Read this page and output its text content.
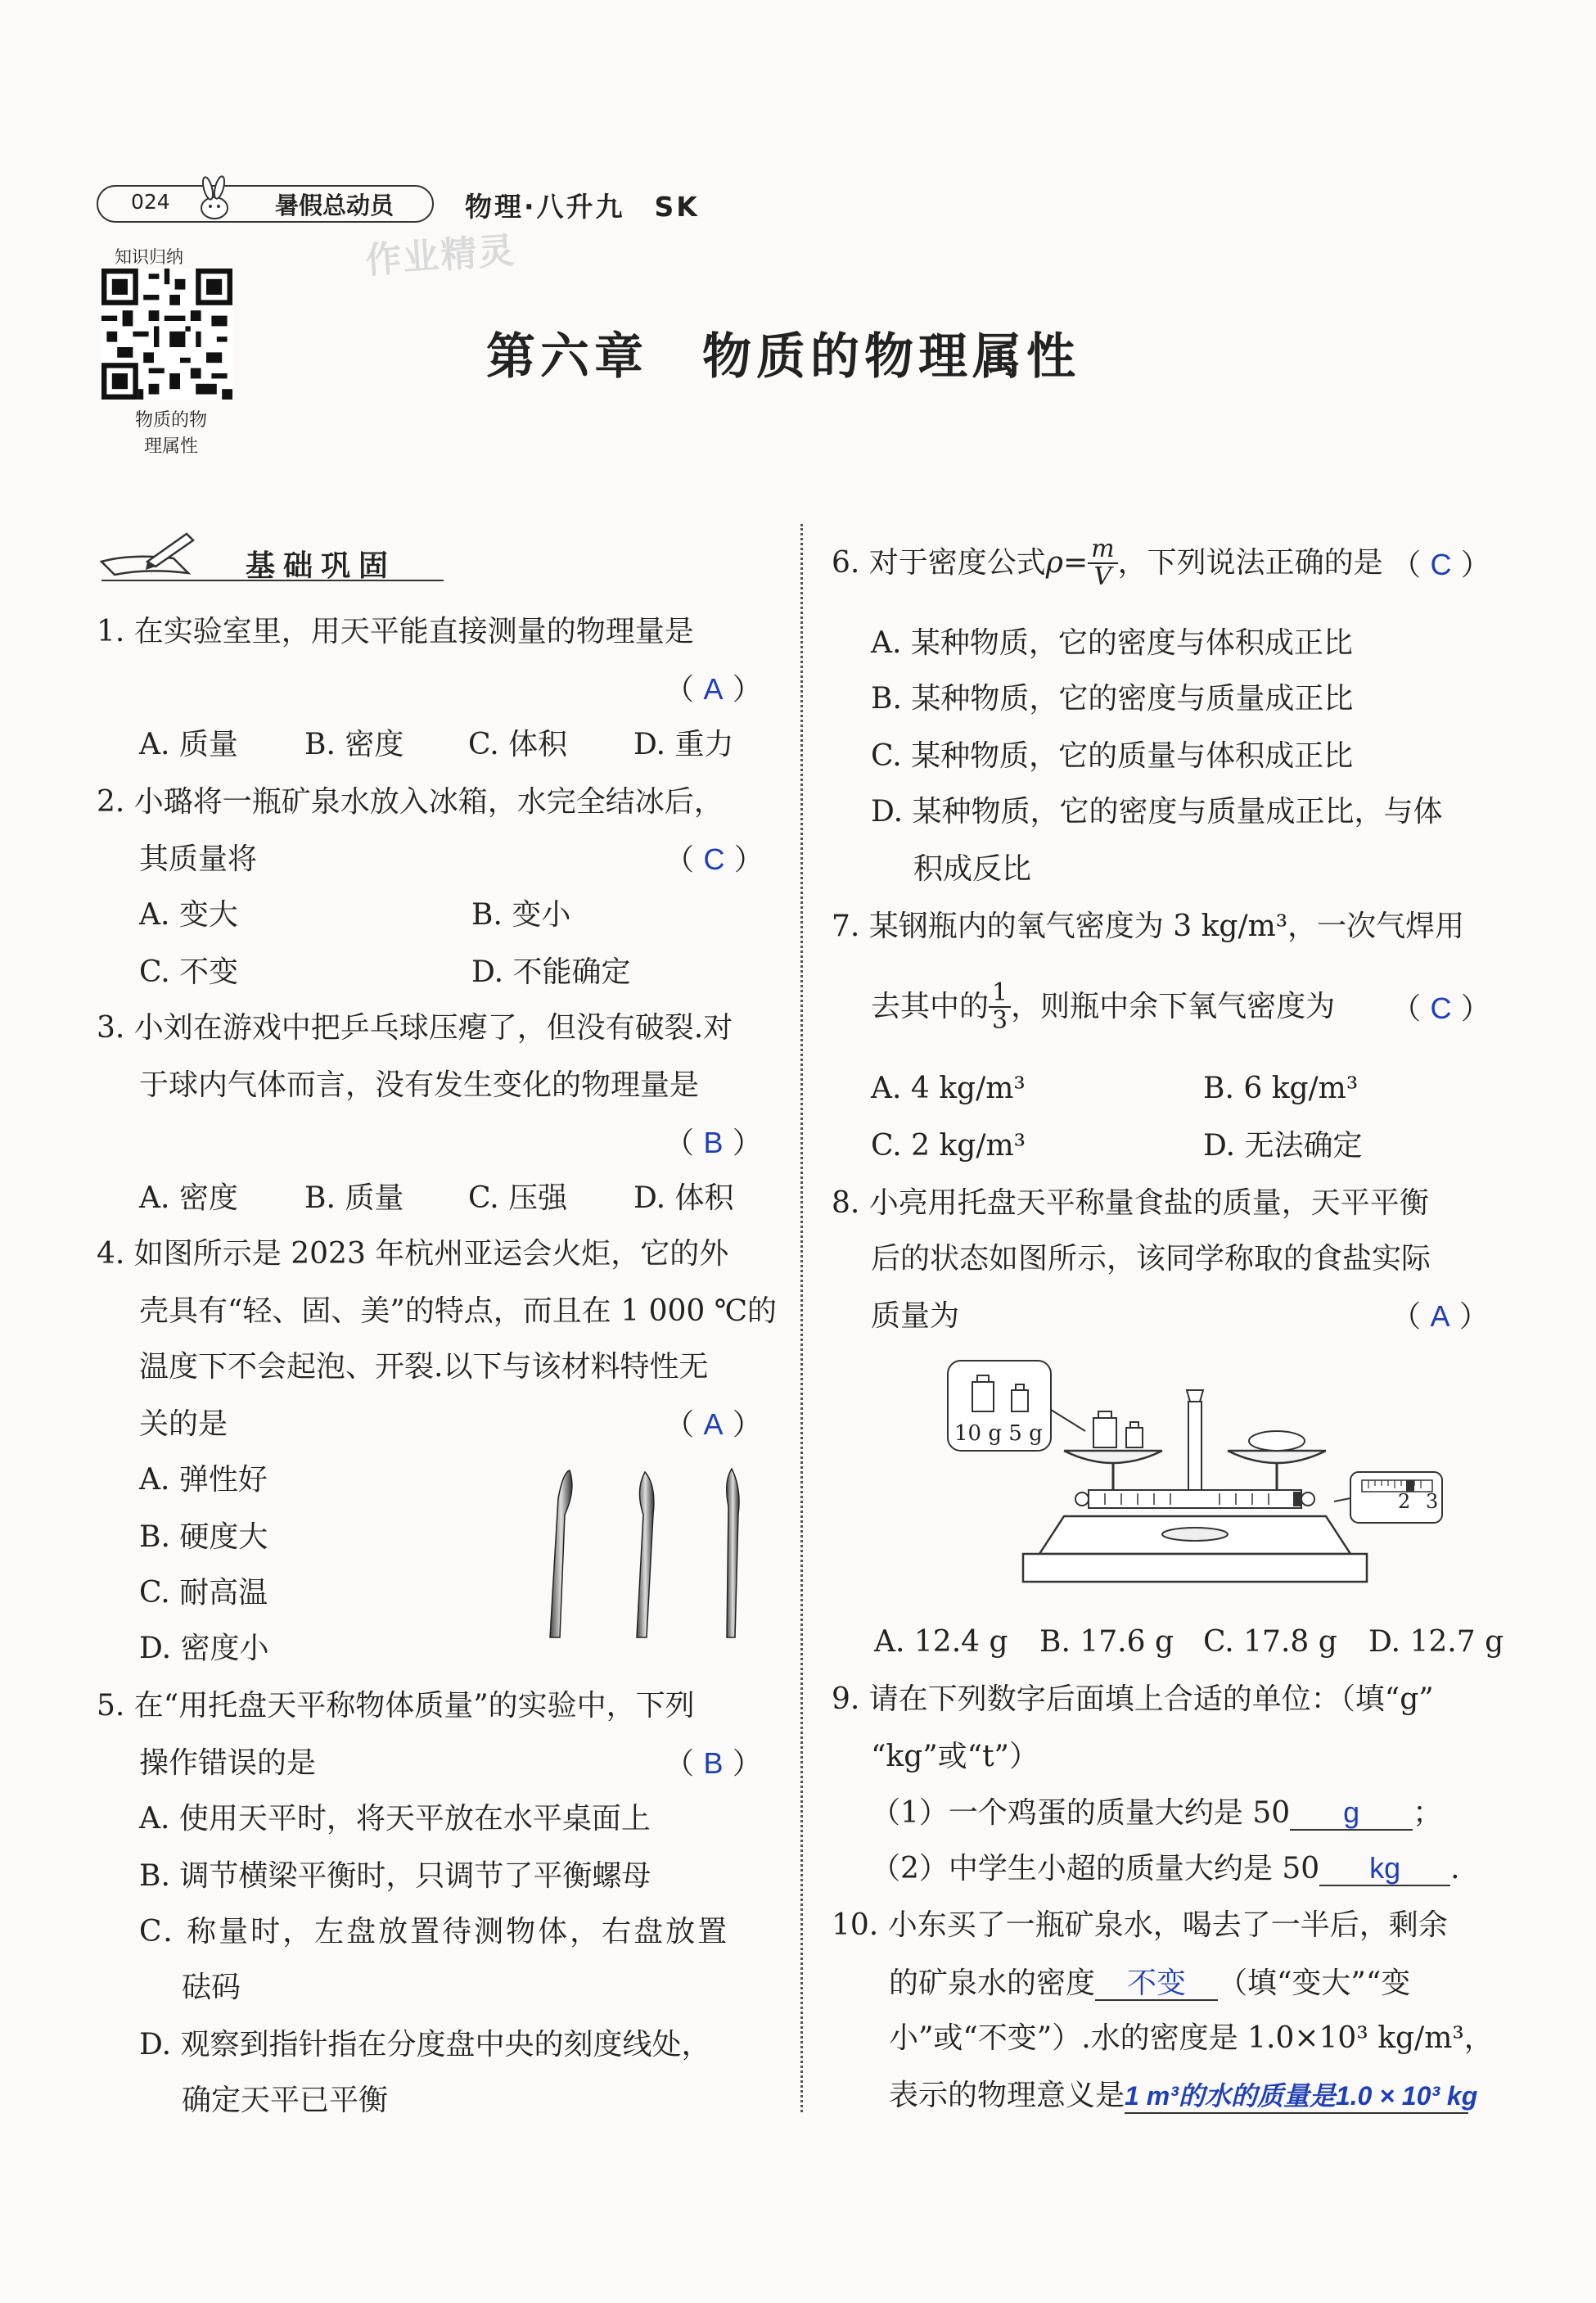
024	暑假总动员	物理·八升九　SK
作业精灵
知识归纳
物质的物
理属性
第六章　物质的物理属性
基础巩固
1. 在实验室里，用天平能直接测量的物理量是
（ A ）
A. 质量 B. 密度 C. 体积 D. 重力
2. 小璐将一瓶矿泉水放入冰箱，水完全结冰后，
其质量将	（ C ）
A. 变大	B. 变小
C. 不变	D. 不能确定
3. 小刘在游戏中把乒乓球压瘪了，但没有破裂.对
于球内气体而言，没有发生变化的物理量是
（ B ）
A. 密度 B. 质量 C. 压强 D. 体积
4. 如图所示是 2023 年杭州亚运会火炬，它的外
壳具有“轻、固、美”的特点，而且在 1 000 ℃的
温度下不会起泡、开裂.以下与该材料特性无
关的是	（ A ）
A. 弹性好
B. 硬度大
C. 耐高温
D. 密度小
5. 在“用托盘天平称物体质量”的实验中，下列
操作错误的是	（ B ）
A. 使用天平时，将天平放在水平桌面上
B. 调节横梁平衡时，只调节了平衡螺母
C. 称量时，左盘放置待测物体，右盘放置
砝码
D. 观察到指针指在分度盘中央的刻度线处，
确定天平已平衡
6. 对于密度公式 $\rho= \frac{m}{V}$ ，下列说法正确的是 （ C ）
A. 某种物质，它的密度与体积成正比
B. 某种物质，它的密度与质量成正比
C. 某种物质，它的质量与体积成正比
D. 某种物质，它的密度与质量成正比，与体
积成反比
7. 某钢瓶内的氧气密度为 3 kg/m³，一次气焊用
去其中的 $\frac{1}{3}$ ，则瓶中余下氧气密度为 （ C ）
A. 4 kg/m³	B. 6 kg/m³
C. 2 kg/m³	D. 无法确定
8. 小亮用托盘天平称量食盐的质量，天平平衡
后的状态如图所示，该同学称取的食盐实际
质量为	（ A ）
10 g 5 g
2 3
A. 12.4 g B. 17.6 g C. 17.8 g D. 12.7 g
9. 请在下列数字后面填上合适的单位：（填“g”
“kg”或“t”）
（1）一个鸡蛋的质量大约是 50 g ；
（2）中学生小超的质量大约是 50 kg .
10. 小东买了一瓶矿泉水，喝去了一半后，剩余
的矿泉水的密度 不变 （填“变大”“变
小”或“不变”）.水的密度是 1.0×10³ kg/m³，
表示的物理意义是1 m³的水的质量是1.0 × 10³ kg
